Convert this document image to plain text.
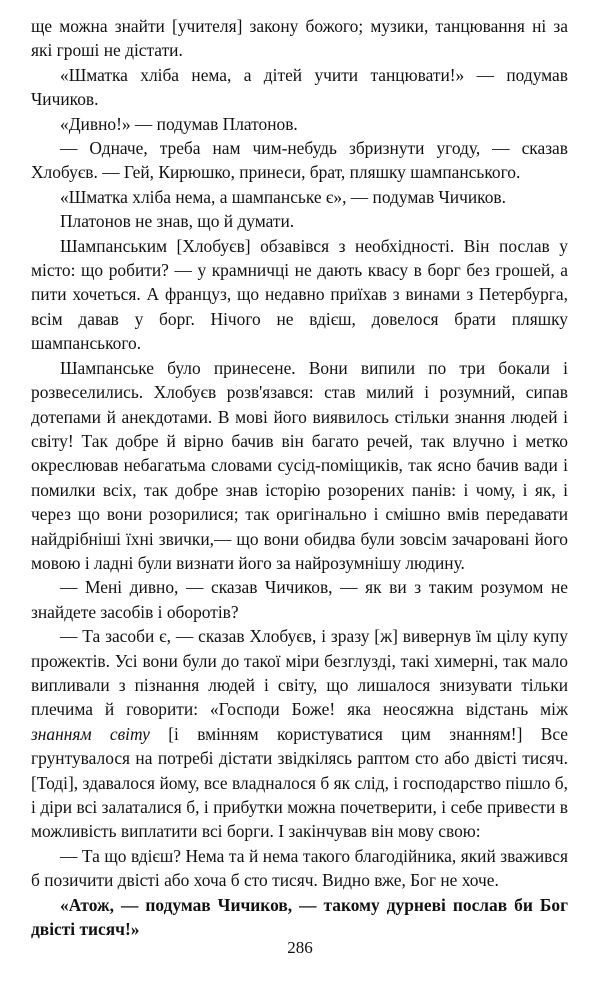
ще можна знайти [учителя] закону божого; музики, танцювання ні за які гроші не дістати.

«Шматка хліба нема, а дітей учити танцювати!» — подумав Чичиков.

«Дивно!» — подумав Платонов.

— Одначе, треба нам чим-небудь збризнути угоду, — сказав Хлобуєв. — Гей, Кирюшко, принеси, брат, пляшку шампанського.

«Шматка хліба нема, а шампанське є», — подумав Чичиков.

Платонов не знав, що й думати.

Шампанським [Хлобуєв] обзавівся з необхідності. Він послав у місто: що робити? — у крамничці не дають квасу в борг без грошей, а пити хочеться. А француз, що недавно приїхав з винами з Петербурга, всім давав у борг. Нічого не вдієш, довелося брати пляшку шампанського.

Шампанське було принесене. Вони випили по три бокали і розвеселились. Хлобуєв розв'язався: став милий і розумний, сипав дотепами й анекдотами. В мові його виявилось стільки знання людей і світу! Так добре й вірно бачив він багато речей, так влучно і метко окреслював небагатьма словами сусід-поміщиків, так ясно бачив вади і помилки всіх, так добре знав історію розорених панів: і чому, і як, і через що вони розорилися; так оригінально і смішно вмів передавати найдрібніші їхні звички,— що вони обидва були зовсім зачаровані його мовою і ладні були визнати його за найрозумнішу людину.

— Мені дивно, — сказав Чичиков, — як ви з таким розумом не знайдете засобів і оборотів?

— Та засоби є, — сказав Хлобуєв, і зразу [ж] вивернув їм цілу купу прожектів. Усі вони були до такої міри безглузді, такі химерні, так мало випливали з пізнання людей і світу, що лишалося знизувати тільки плечима й говорити: «Господи Боже! яка неосяжна відстань між знанням світу [і вмінням користуватися цим знанням!] Все грунтувалося на потребі дістати звідкілясь раптом сто або двісті тисяч. [Тоді], здавалося йому, все владналося б як слід, і господарство пішло б, і діри всі залаталися б, і прибутки можна почетверити, і себе привести в можливість виплатити всі борги. І закінчував він мову свою:

— Та що вдієш? Нема та й нема такого благодійника, який зважився б позичити двісті або хоча б сто тисяч. Видно вже, Бог не хоче.

«Атож, — подумав Чичиков, — такому дурневі послав би Бог двісті тисяч!»

286
